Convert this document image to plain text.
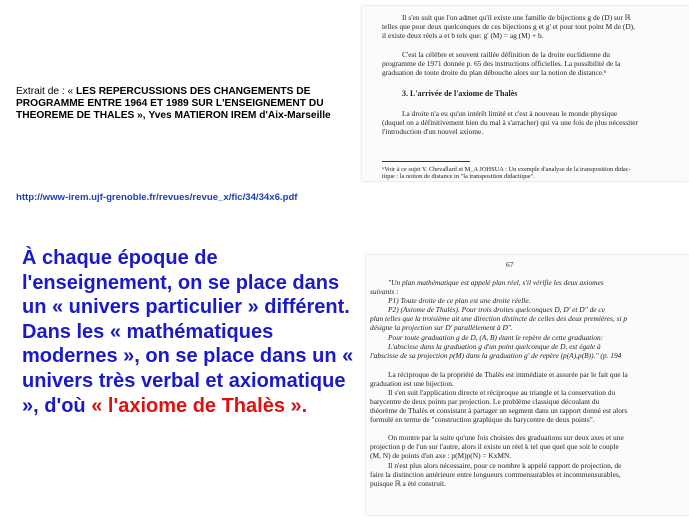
Extrait de : « LES REPERCUSSIONS DES CHANGEMENTS DE PROGRAMME ENTRE 1964 ET 1989 SUR L'ENSEIGNEMENT DU THEOREME DE THALES », Yves MATIERON IREM d'Aix-Marseille
http://www-irem.ujf-grenoble.fr/revues/revue_x/fic/34/34x6.pdf
À chaque époque de l'enseignement, on se place dans un « univers particulier » différent. Dans les « mathématiques modernes », on se place dans un « univers très verbal et axiomatique », d'où « l'axiome de Thalès ».
Il s'en suit que l'on admet qu'il existe une famille de bijections g de (D) sur ℝ
telles que pour deux quelconques de ces bijections g et g' et pour tout point M de (D),
il existe deux réels a et b tels que: g' (M) = ag (M) + b.
C'est la célèbre et souvent raillée définition de la droite euclidienne du
programme de 1971 donnée p. 65 des instructions officielles. La possibilité de la
graduation de toute droite du plan débouche alors sur la notion de distance.⁶
3. L'arrivée de l'axiome de Thalès
La droite n'a eu qu'un intérêt limité et c'est à nouveau le monde physique
(duquel on a définitivement bien du mal à s'arracher) qui va une fois de plus nécessiter
l'introduction d'un nouvel axiome.
⁶Voir à ce sujet Y. Chevallard et M_A JOHSUA : Un exemple d'analyse de la transposition didac-
tique : la notion de distance in "la transposition didactique".
67
"Un plan mathématique est appelé plan réel, s'il vérifie les deux axiomes
suivants :
P1) Toute droite de ce plan est une droite réelle.
P2) (Axiome de Thalès). Pour trois droites quelconques D, D' et D" de ce
plan telles que la troisième ait une direction distincte de celles des deux premières, si p
désigne la projection sur D' parallèlement à D".
Pour toute graduation g de D, (A, B) étant le repère de cette graduation:
L'abscisse dans la graduation g d'un point quelconque de D, est égale à
l'abscisse de sa projection p(M) dans la graduation g' de repère (p(A),p(B))." (p. 194
La réciproque de la propriété de Thalès est immédiate et assurée par le fait que la
graduation est une bijection.
Il s'en suit l'application directe et réciproque au triangle et la conservation du
barycentre de deux points par projection. Le problème classique découlant du
théorème de Thalès et consistant à partager un segment dans un rapport donné est alors
formulé en terme de "construction graphique du barycentre de deux points".
On montre par la suite qu'une fois choisies des graduations sur deux axes et une
projection p de l'un sur l'autre, alors il existe un réel k tel que quel que soit le couple
(M, N) de points d'un axe : p(M)p(N) = KxMN.
Il n'est plus alors nécessaire, pour ce nombre k appelé rapport de projection, de
faire la distinction antérieure entre longueurs commensurables et incommensurables,
puisque ℝ a été construit.
